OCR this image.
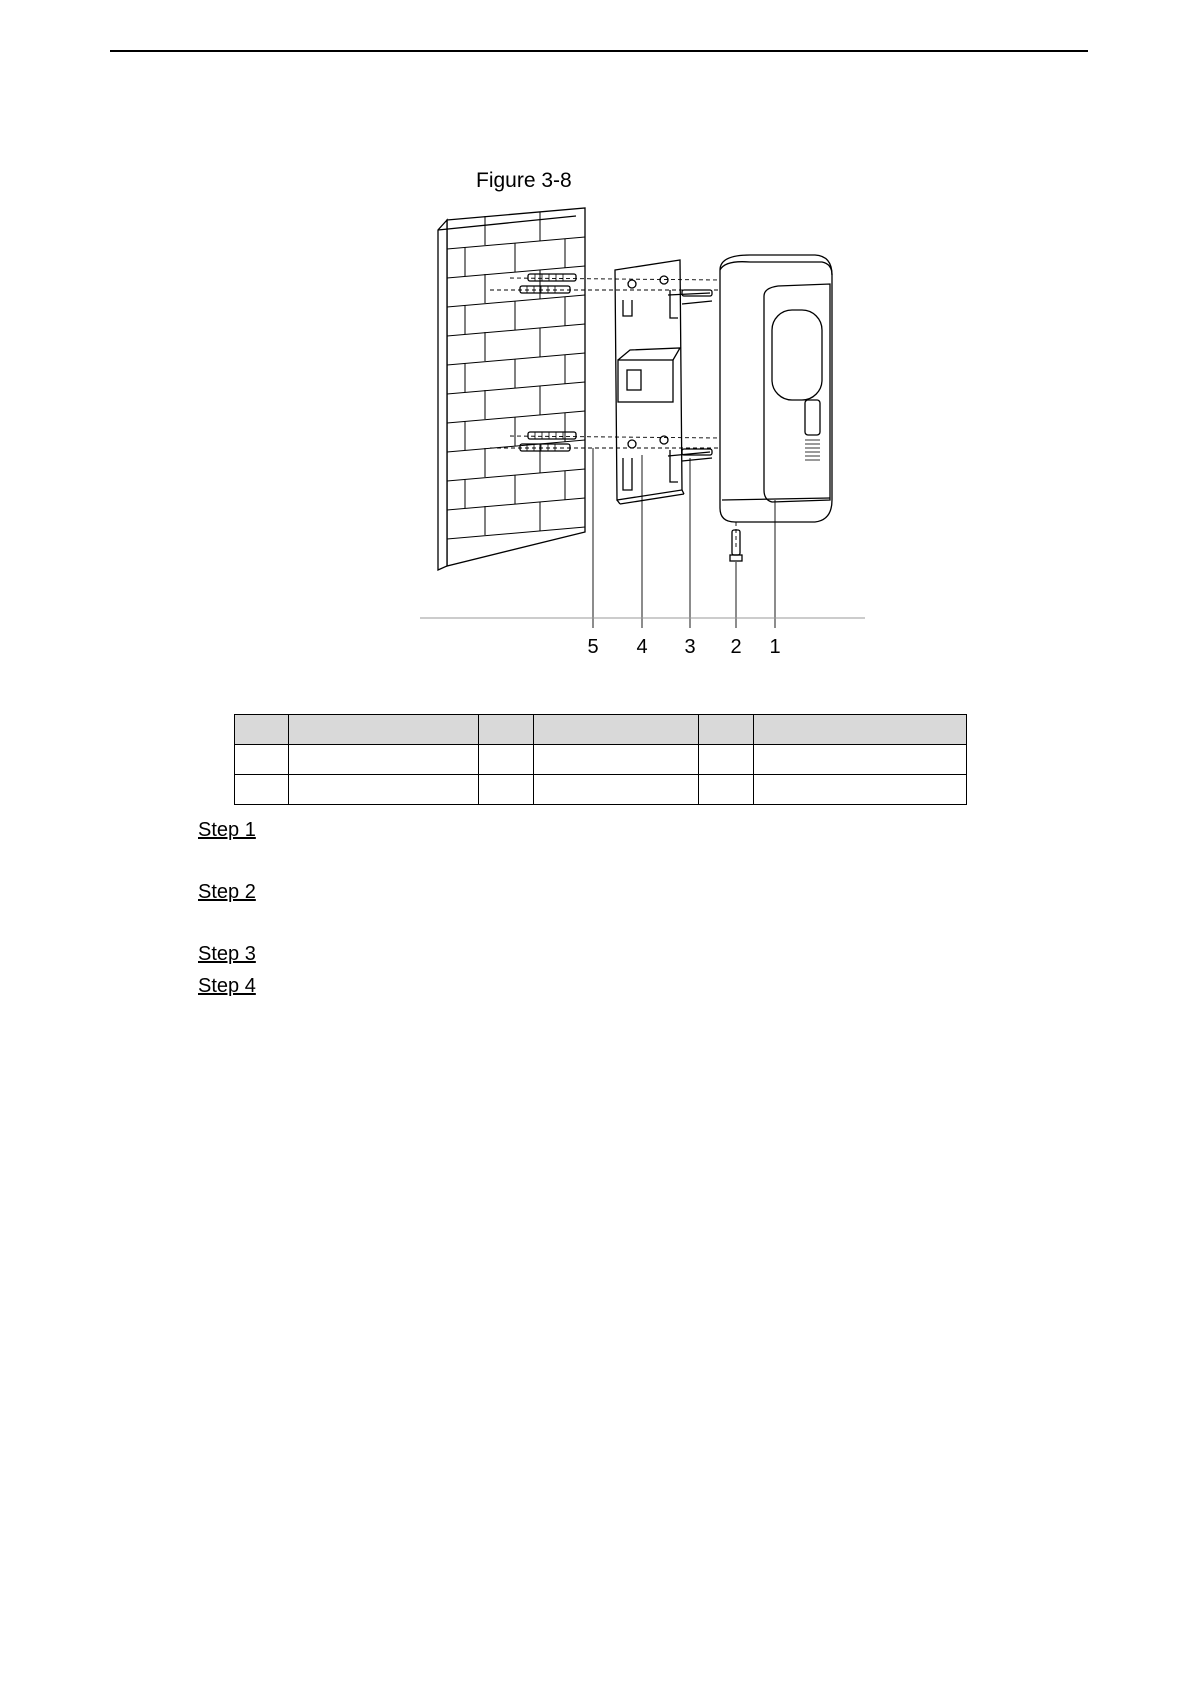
Figure 3-8
5 4 3 2 1

Step 1
Step 2
Step 3
Step 4
